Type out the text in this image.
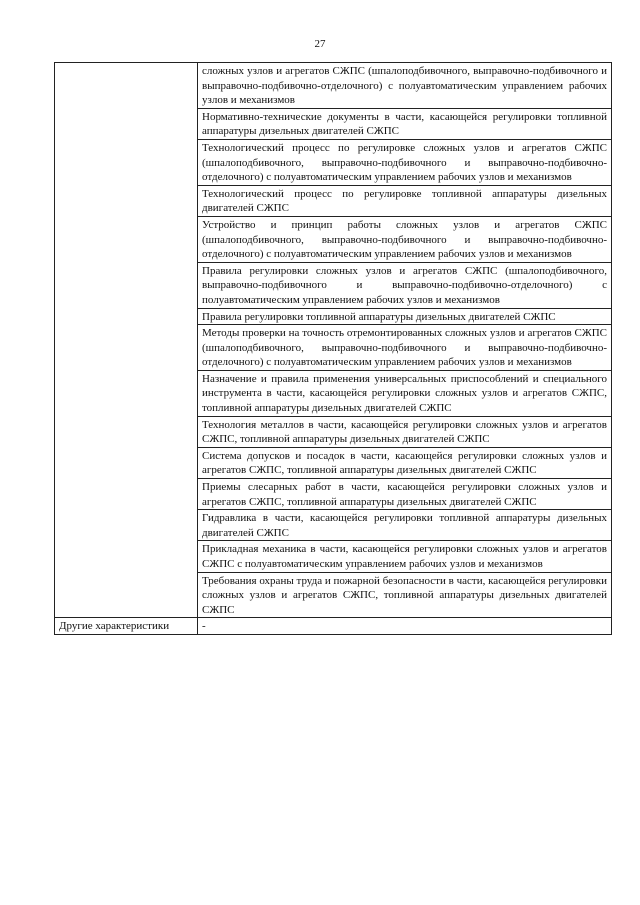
27
	сложных узлов и агрегатов СЖПС (шпалоподбивочного, выправочно-подбивочного и выправочно-подбивочно-отделочного) с полуавтоматическим управлением рабочих узлов и механизмов
	Нормативно-технические документы в части, касающейся регулировки топливной аппаратуры дизельных двигателей СЖПС
	Технологический процесс по регулировке сложных узлов и агрегатов СЖПС (шпалоподбивочного, выправочно-подбивочного и выправочно-подбивочно-отделочного) с полуавтоматическим управлением рабочих узлов и механизмов
	Технологический процесс по регулировке топливной аппаратуры дизельных двигателей СЖПС
	Устройство и принцип работы сложных узлов и агрегатов СЖПС (шпалоподбивочного, выправочно-подбивочного и выправочно-подбивочно-отделочного) с полуавтоматическим управлением рабочих узлов и механизмов
	Правила регулировки сложных узлов и агрегатов СЖПС (шпалоподбивочного, выправочно-подбивочного и выправочно-подбивочно-отделочного) с полуавтоматическим управлением рабочих узлов и механизмов
	Правила регулировки топливной аппаратуры дизельных двигателей СЖПС
	Методы проверки на точность отремонтированных сложных узлов и агрегатов СЖПС (шпалоподбивочного, выправочно-подбивочного и выправочно-подбивочно-отделочного) с полуавтоматическим управлением рабочих узлов и механизмов
	Назначение и правила применения универсальных приспособлений и специального инструмента в части, касающейся регулировки сложных узлов и агрегатов СЖПС, топливной аппаратуры дизельных двигателей СЖПС
	Технология металлов в части, касающейся регулировки сложных узлов и агрегатов СЖПС, топливной аппаратуры дизельных двигателей СЖПС
	Система допусков и посадок в части, касающейся регулировки сложных узлов и агрегатов СЖПС, топливной аппаратуры дизельных двигателей СЖПС
	Приемы слесарных работ в части, касающейся регулировки сложных узлов и агрегатов СЖПС, топливной аппаратуры дизельных двигателей СЖПС
	Гидравлика в части, касающейся регулировки топливной аппаратуры дизельных двигателей СЖПС
	Прикладная механика в части, касающейся регулировки сложных узлов и агрегатов СЖПС с полуавтоматическим управлением рабочих узлов и механизмов
	Требования охраны труда и пожарной безопасности в части, касающейся регулировки сложных узлов и агрегатов СЖПС, топливной аппаратуры дизельных двигателей СЖПС
Другие характеристики	-
